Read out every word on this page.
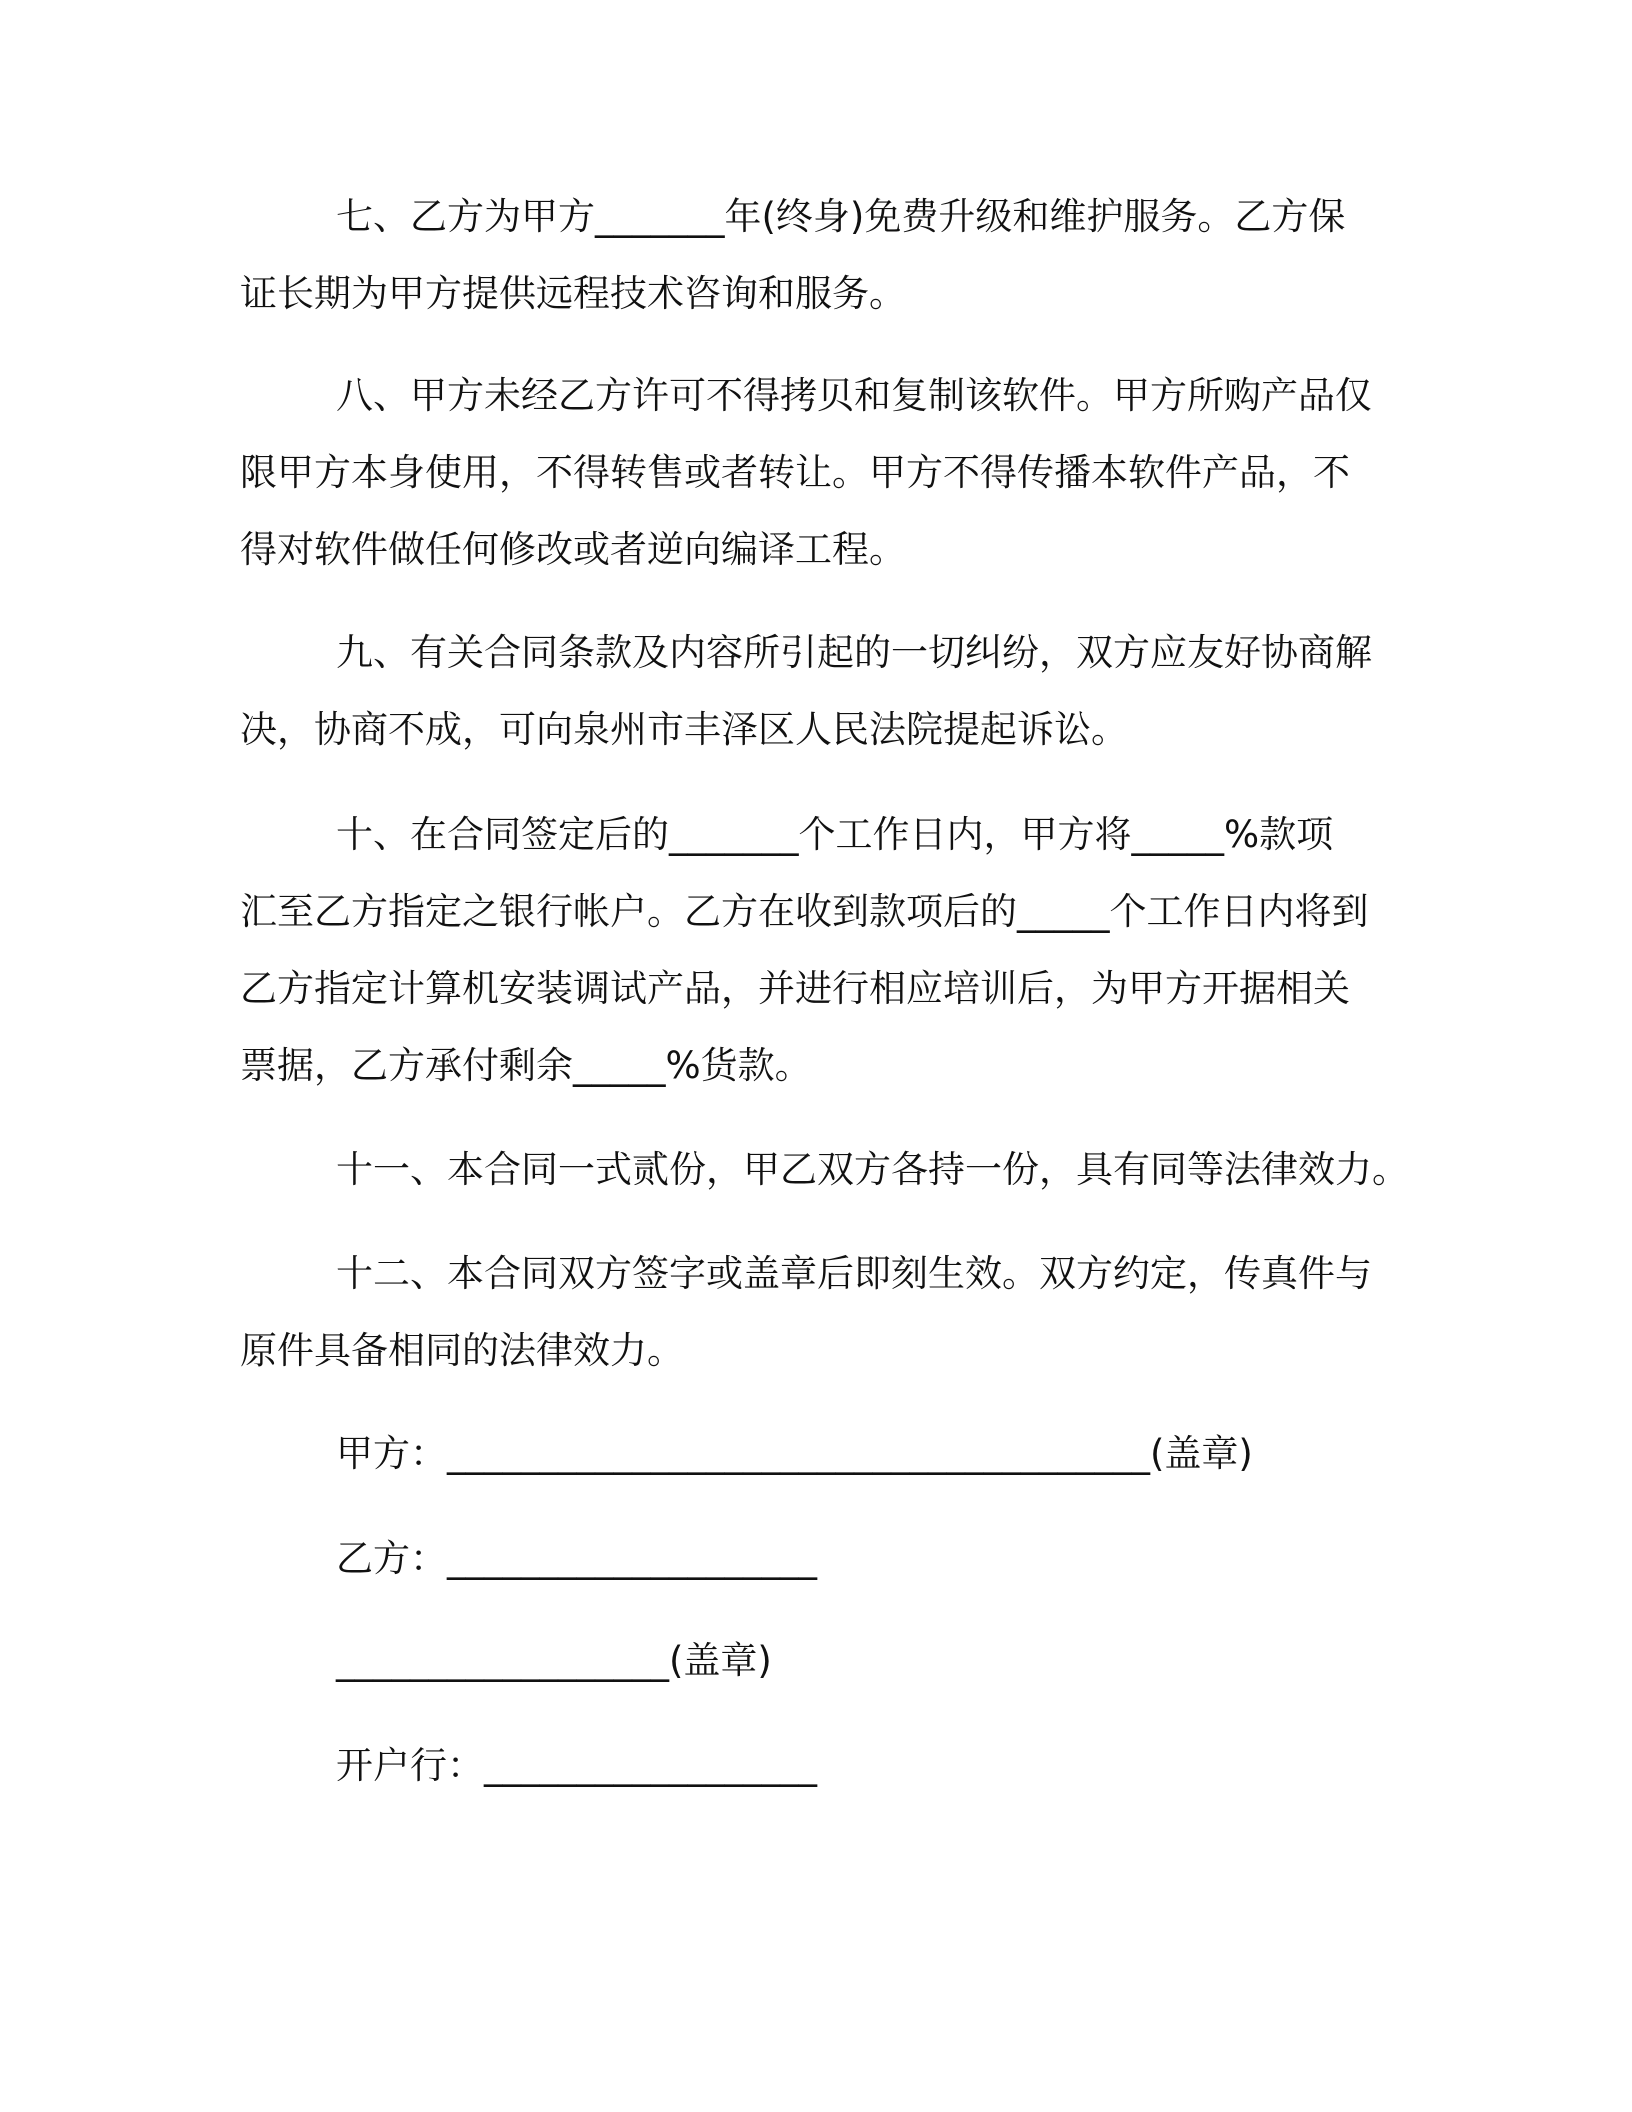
七、乙方为甲方_______年(终身)免费升级和维护服务。乙方保
证长期为甲方提供远程技术咨询和服务。
八、甲方未经乙方许可不得拷贝和复制该软件。甲方所购产品仅
限甲方本身使用，不得转售或者转让。甲方不得传播本软件产品，不
得对软件做任何修改或者逆向编译工程。
九、有关合同条款及内容所引起的一切纠纷，双方应友好协商解
决，协商不成，可向泉州市丰泽区人民法院提起诉讼。
十、在合同签定后的_______个工作日内，甲方将_____%款项
汇至乙方指定之银行帐户。乙方在收到款项后的_____个工作日内将到
乙方指定计算机安装调试产品，并进行相应培训后，为甲方开据相关
票据，乙方承付剩余_____%货款。
十一、本合同一式贰份，甲乙双方各持一份，具有同等法律效力。
十二、本合同双方签字或盖章后即刻生效。双方约定，传真件与
原件具备相同的法律效力。
甲方：______________________________________(盖章)
乙方：____________________
__________________(盖章)
开户行：__________________
